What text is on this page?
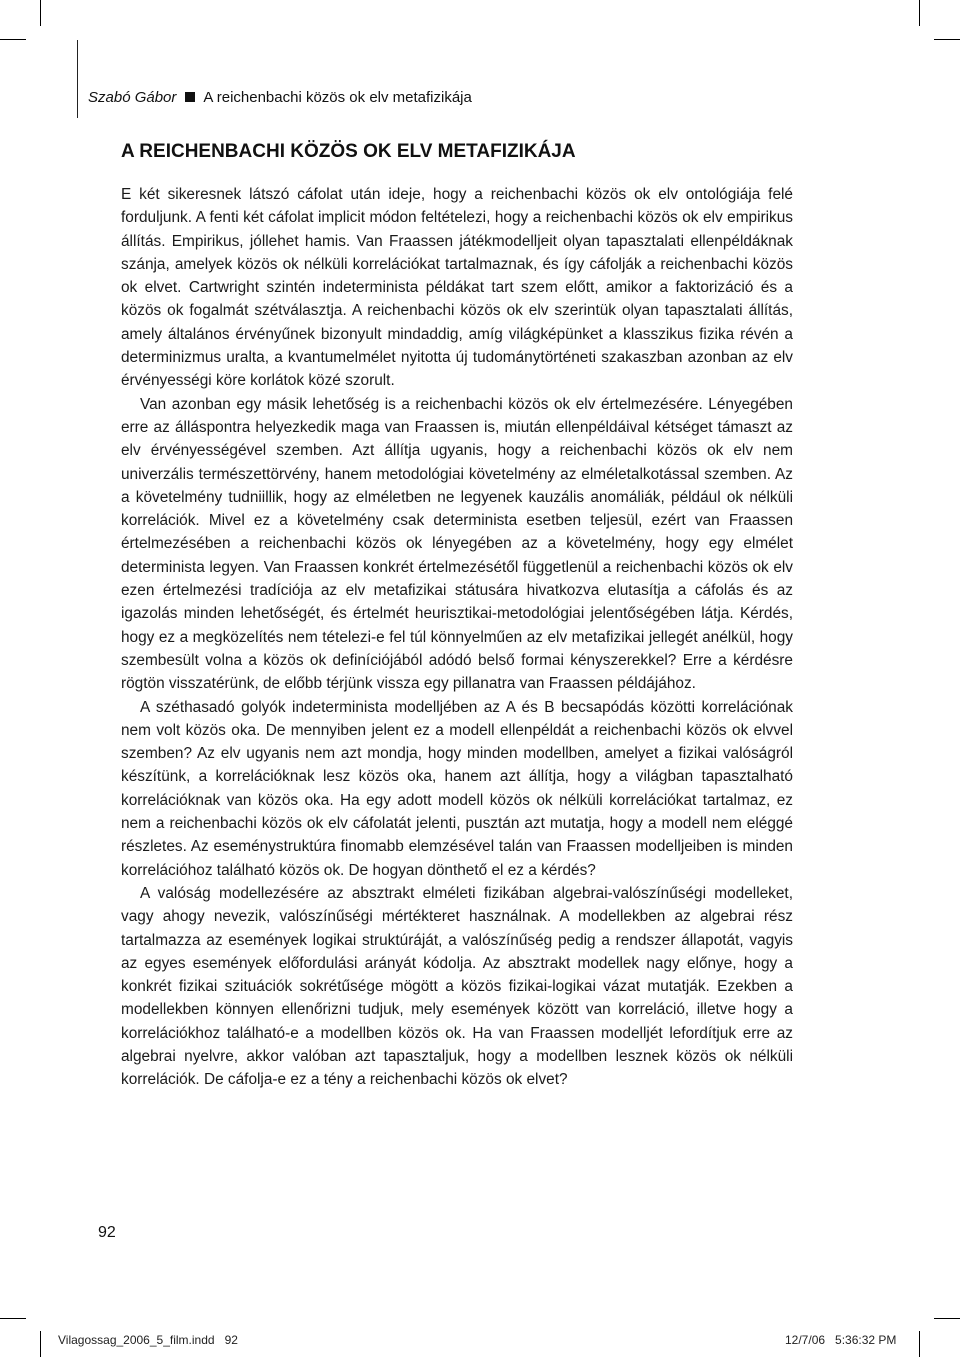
Szabó Gábor A reichenbachi közös ok elv metafizikája
A REICHENBACHI KÖZÖS OK ELV METAFIZIKÁJA

E két sikeresnek látszó cáfolat után ideje, hogy a reichenbachi közös ok elv ontológiája felé forduljunk. A fenti két cáfolat implicit módon feltételezi, hogy a reichenbachi közös ok elv empirikus állítás. Empirikus, jóllehet hamis. Van Fraassen játékmodelljeit olyan tapasztalati ellenpéldáknak szánja, amelyek közös ok nélküli korrelációkat tartalmaznak, és így cáfolják a reichenbachi közös ok elvet. Cartwright szintén indeterminista példákat tart szem előtt, amikor a faktorizáció és a közös ok fogalmát szétválasztja. A reichenbachi közös ok elv szerintük olyan tapasztalati állítás, amely általános érvényűnek bizonyult mindaddig, amíg világképünket a klasszikus fizika révén a determinizmus uralta, a kvantumelmélet nyitotta új tudománytörténeti szakaszban azonban az elv érvényességi köre korlátok közé szorult.

Van azonban egy másik lehetőség is a reichenbachi közös ok elv értelmezésére. Lényegében erre az álláspontra helyezkedik maga van Fraassen is, miután ellenpéldáival kétséget támaszt az elv érvényességével szemben. Azt állítja ugyanis, hogy a reichenbachi közös ok elv nem univerzális természettörvény, hanem metodológiai követelmény az elméletalkotással szemben. Az a követelmény tudniillik, hogy az elméletben ne legyenek kauzális anomáliák, például ok nélküli korrelációk. Mivel ez a követelmény csak determinista esetben teljesül, ezért van Fraassen értelmezésében a reichenbachi közös ok lényegében az a követelmény, hogy egy elmélet determinista legyen. Van Fraassen konkrét értelmezésétől függetlenül a reichenbachi közös ok elv ezen értelmezési tradíciója az elv metafizikai státusára hivatkozva elutasítja a cáfolás és az igazolás minden lehetőségét, és értelmét heurisztikai-metodológiai jelentőségében látja. Kérdés, hogy ez a megközelítés nem tételezi-e fel túl könnyelműen az elv metafizikai jellegét anélkül, hogy szembesült volna a közös ok definíciójából adódó belső formai kényszerekkel? Erre a kérdésre rögtön visszatérünk, de előbb térjünk vissza egy pillanatra van Fraassen példájához.

A széthasadó golyók indeterminista modelljében az A és B becsapódás közötti korrelációnak nem volt közös oka. De mennyiben jelent ez a modell ellenpéldát a reichenbachi közös ok elvvel szemben? Az elv ugyanis nem azt mondja, hogy minden modellben, amelyet a fizikai valóságról készítünk, a korrelációknak lesz közös oka, hanem azt állítja, hogy a világban tapasztalható korrelációknak van közös oka. Ha egy adott modell közös ok nélküli korrelációkat tartalmaz, ez nem a reichenbachi közös ok elv cáfolatát jelenti, pusztán azt mutatja, hogy a modell nem eléggé részletes. Az eseménystruktúra finomabb elemzésével talán van Fraassen modelljeiben is minden korrelációhoz található közös ok. De hogyan dönthető el ez a kérdés?

A valóság modellezésére az absztrakt elméleti fizikában algebrai-valószínűségi modelleket, vagy ahogy nevezik, valószínűségi mértékteret használnak. A modellekben az algebrai rész tartalmazza az események logikai struktúráját, a valószínűség pedig a rendszer állapotát, vagyis az egyes események előfordulási arányát kódolja. Az absztrakt modellek nagy előnye, hogy a konkrét fizikai szituációk sokrétűsége mögött a közös fizikai-logikai vázat mutatják. Ezekben a modellekben könnyen ellenőrizni tudjuk, mely események között van korreláció, illetve hogy a korrelációkhoz található-e a modellben közös ok. Ha van Fraassen modelljét lefordítjuk erre az algebrai nyelvre, akkor valóban azt tapasztaljuk, hogy a modellben lesznek közös ok nélküli korrelációk. De cáfolja-e ez a tény a reichenbachi közös ok elvet?

92
Vilagossag_2006_5_film.indd   92	12/7/06   5:36:32 PM
